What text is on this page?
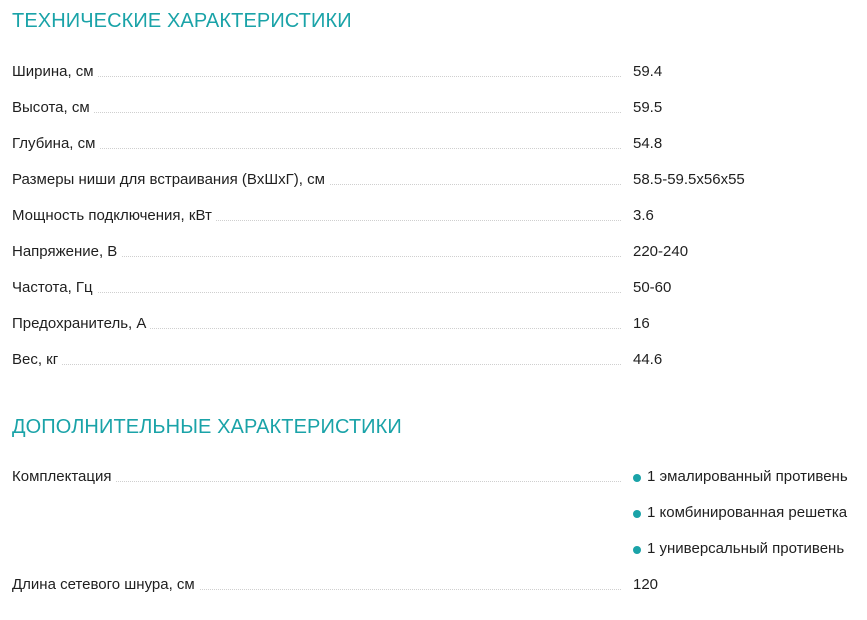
ТЕХНИЧЕСКИЕ ХАРАКТЕРИСТИКИ
Ширина, см	59.4
Высота, см	59.5
Глубина, см	54.8
Размеры ниши для встраивания (ВxШxГ), см	58.5-59.5x56x55
Мощность подключения, кВт	3.6
Напряжение, В	220-240
Частота, Гц	50-60
Предохранитель, А	16
Вес, кг	44.6
ДОПОЛНИТЕЛЬНЫЕ ХАРАКТЕРИСТИКИ
Комплектация	1 эмалированный противень
1 комбинированная решетка
1 универсальный противень
Длина сетевого шнура, см	120
